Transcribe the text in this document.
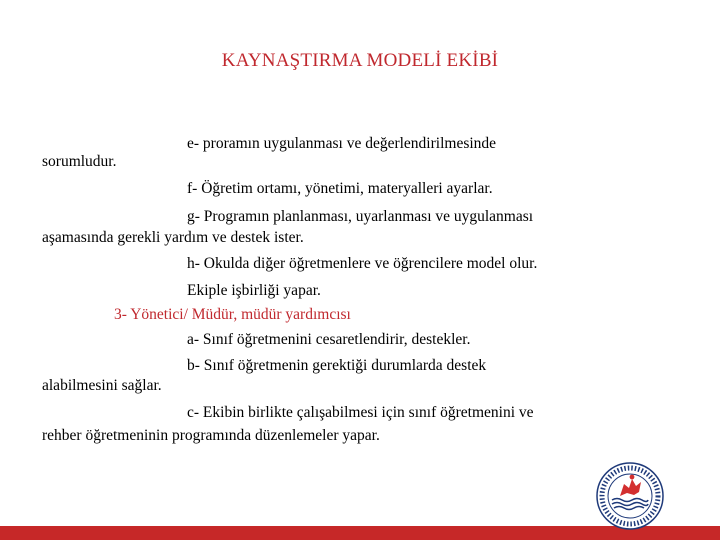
KAYNAŞTIRMA MODELİ EKİBİ
e- proramın uygulanması ve değerlendirilmesinde
sorumludur.
f- Öğretim ortamı, yönetimi, materyalleri ayarlar.
g- Programın planlanması, uyarlanması ve uygulanması
aşamasında gerekli yardım ve destek ister.
h- Okulda diğer öğretmenlere ve öğrencilere model olur.
Ekiple işbirliği yapar.
3- Yönetici/ Müdür, müdür yardımcısı
a- Sınıf öğretmenini cesaretlendirir, destekler.
b- Sınıf öğretmenin gerektiği durumlarda destek
alabilmesini sağlar.
c- Ekibin birlikte çalışabilmesi için sınıf öğretmenini ve
rehber öğretmeninin programında düzenlemeler yapar.
